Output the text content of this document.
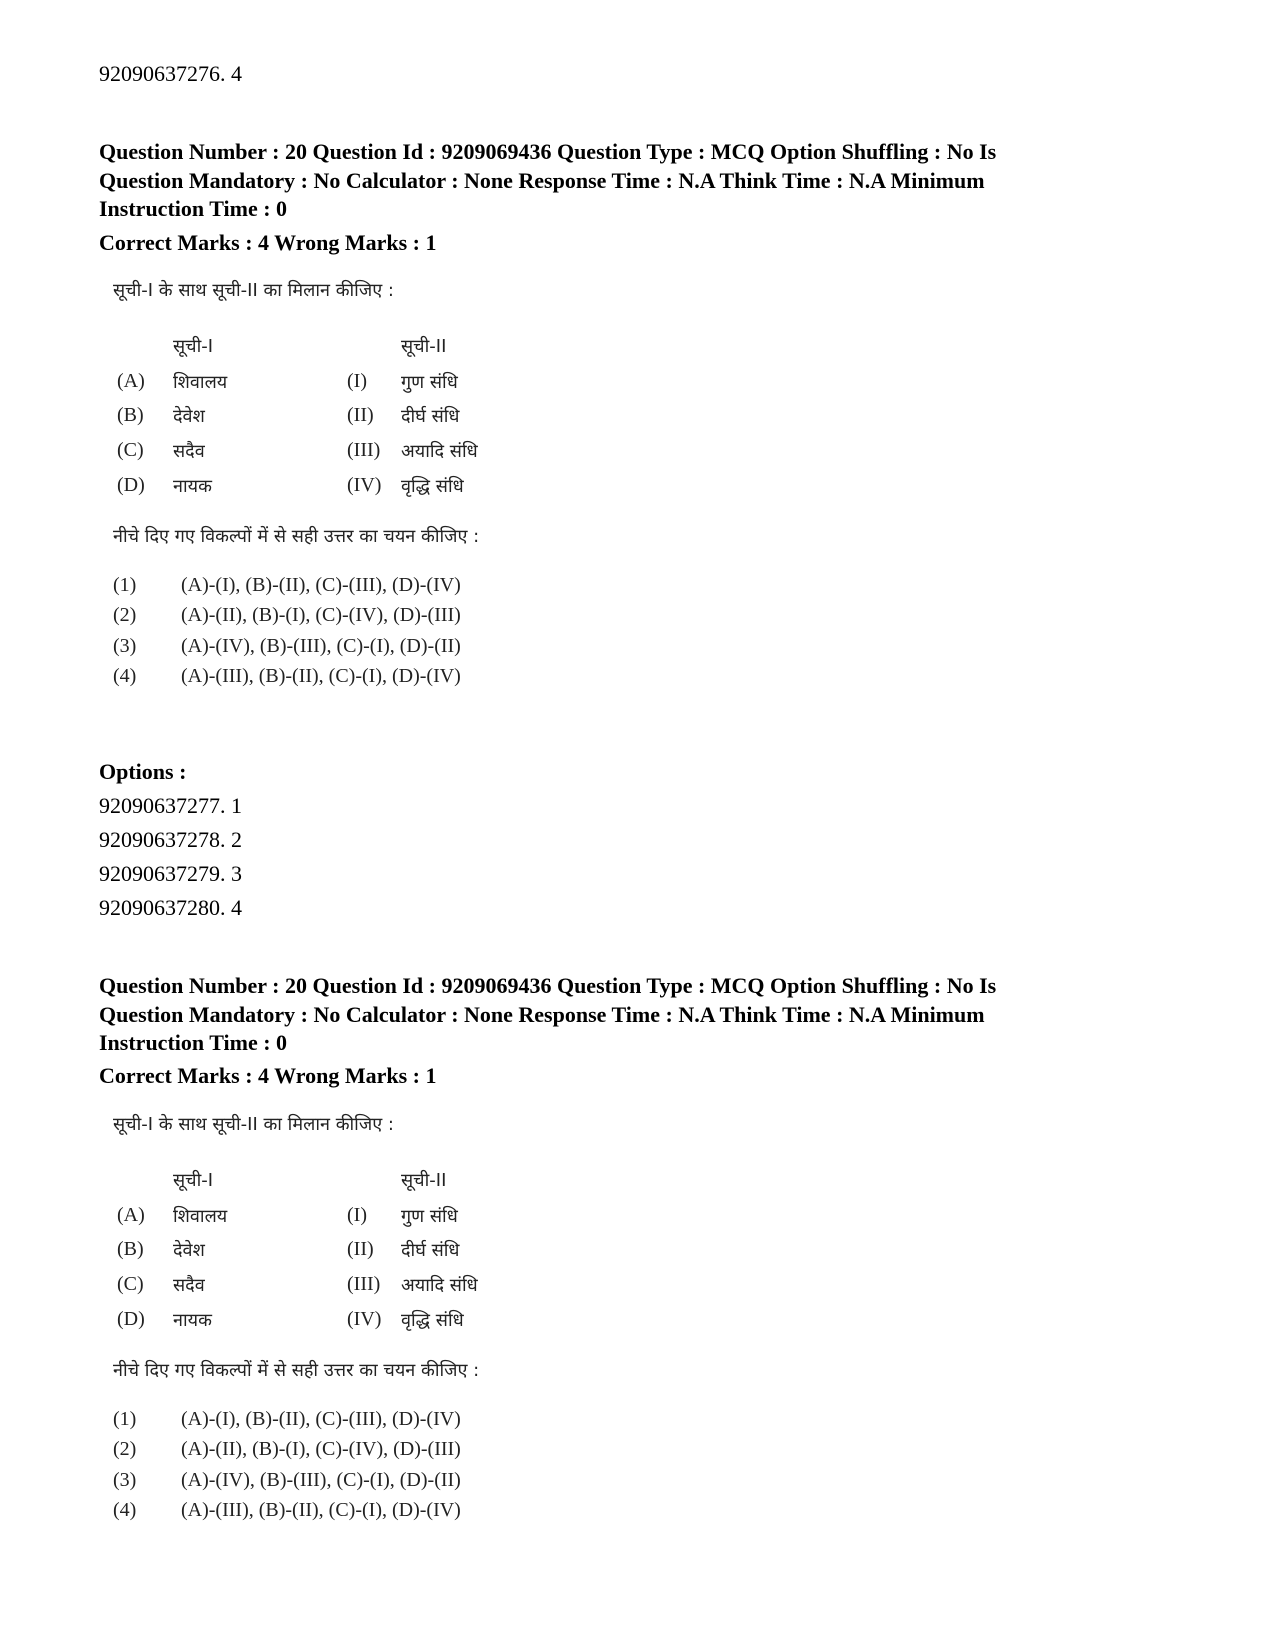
92090637276. 4
Question Number : 20 Question Id : 9209069436 Question Type : MCQ Option Shuffling : No Is
Question Mandatory : No Calculator : None Response Time : N.A Think Time : N.A Minimum
Instruction Time : 0
Correct Marks : 4 Wrong Marks : 1
सूची-I के साथ सूची-II का मिलान कीजिए :
सूची-I	सूची-II
(A) शिवालय	(I) गुण संधि
(B) देवेश	(II) दीर्घ संधि
(C) सदैव	(III) अयादि संधि
(D) नायक	(IV) वृद्धि संधि
नीचे दिए गए विकल्पों में से सही उत्तर का चयन कीजिए :
(1) (A)-(I), (B)-(II), (C)-(III), (D)-(IV)
(2) (A)-(II), (B)-(I), (C)-(IV), (D)-(III)
(3) (A)-(IV), (B)-(III), (C)-(I), (D)-(II)
(4) (A)-(III), (B)-(II), (C)-(I), (D)-(IV)
Options :
92090637277. 1
92090637278. 2
92090637279. 3
92090637280. 4
Question Number : 20 Question Id : 9209069436 Question Type : MCQ Option Shuffling : No Is
Question Mandatory : No Calculator : None Response Time : N.A Think Time : N.A Minimum
Instruction Time : 0
Correct Marks : 4 Wrong Marks : 1
सूची-I के साथ सूची-II का मिलान कीजिए :
सूची-I	सूची-II
(A) शिवालय	(I) गुण संधि
(B) देवेश	(II) दीर्घ संधि
(C) सदैव	(III) अयादि संधि
(D) नायक	(IV) वृद्धि संधि
नीचे दिए गए विकल्पों में से सही उत्तर का चयन कीजिए :
(1) (A)-(I), (B)-(II), (C)-(III), (D)-(IV)
(2) (A)-(II), (B)-(I), (C)-(IV), (D)-(III)
(3) (A)-(IV), (B)-(III), (C)-(I), (D)-(II)
(4) (A)-(III), (B)-(II), (C)-(I), (D)-(IV)
